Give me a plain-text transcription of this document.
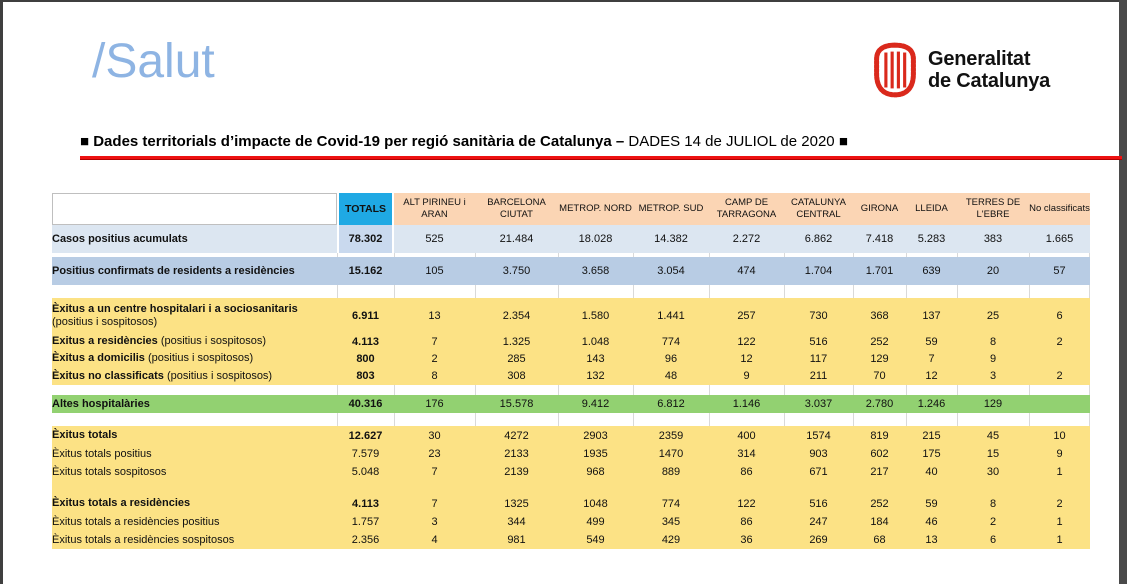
/Salut	Generalitat
de Catalunya
■ Dades territorials d’impacte de Covid-19 per regió sanitària de Catalunya – DADES 14 de JULIOL de 2020 ■
	TOTALS	ALT PIRINEU i ARAN	BARCELONA CIUTAT	METROP. NORD	METROP. SUD	CAMP DE TARRAGONA	CATALUNYA CENTRAL	GIRONA	LLEIDA	TERRES DE L'EBRE	No classificats
Casos positius acumulats	78.302	525	21.484	18.028	14.382	2.272	6.862	7.418	5.283	383	1.665

Positius confirmats de residents a residències	15.162	105	3.750	3.658	3.054	474	1.704	1.701	639	20	57

Èxitus a un centre hospitalari i a sociosanitaris
(positius i sospitosos)	6.911	13	2.354	1.580	1.441	257	730	368	137	25	6
Exitus a residències (positius i sospitosos)	4.113	7	1.325	1.048	774	122	516	252	59	8	2
Èxitus a domicilis (positius i sospitosos)	800	2	285	143	96	12	117	129	7	9	
Èxitus no classificats (positius i sospitosos)	803	8	308	132	48	9	211	70	12	3	2

Altes hospitalàries	40.316	176	15.578	9.412	6.812	1.146	3.037	2.780	1.246	129	

Èxitus totals	12.627	30	4272	2903	2359	400	1574	819	215	45	10
Èxitus totals positius	7.579	23	2133	1935	1470	314	903	602	175	15	9
Èxitus totals sospitosos	5.048	7	2139	968	889	86	671	217	40	30	1

Èxitus totals a residències	4.113	7	1325	1048	774	122	516	252	59	8	2
Èxitus totals a residències positius	1.757	3	344	499	345	86	247	184	46	2	1
Èxitus totals a residències sospitosos	2.356	4	981	549	429	36	269	68	13	6	1
